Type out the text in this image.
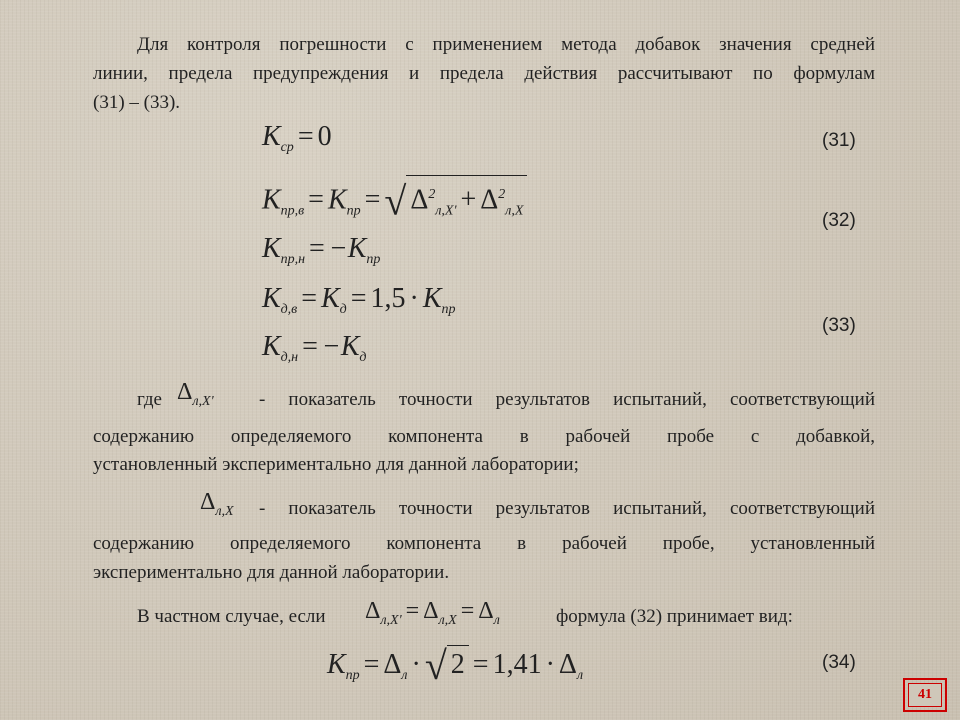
Для контроля погрешности с применением метода добавок значения средней
линии, предела предупреждения и предела действия рассчитывают по формулам
(31) – (33).
$К_{ср} = 0$	(31)
$К_{пр,в} = К_{пр}$ = √ $\Delta^2_{л,X'} + \Delta^2_{л,X}$	(32)
$К_{пр,н} = -К_{пр}$
$К_{д,в} = К_д = 1,5 \cdot К_{пр}$
(33)
$К_{д,н} = -К_д$
где $\Delta_{л,X'}$ - показатель точности результатов испытаний, соответствующий
содержанию определяемого компонента в рабочей пробе с добавкой,
установленный экспериментально для данной лаборатории;
$\Delta_{л,X}$ - показатель точности результатов испытаний, соответствующий
содержанию определяемого компонента в рабочей пробе, установленный
экспериментально для данной лаборатории.
В частном случае, если $\Delta_{л,X'} = \Delta_{л,X} = \Delta_л$	формула (32) принимает вид:
$К_{пр} = \Delta_л$ · √ $2 = 1,41 \cdot \Delta_л$
(34)
41
